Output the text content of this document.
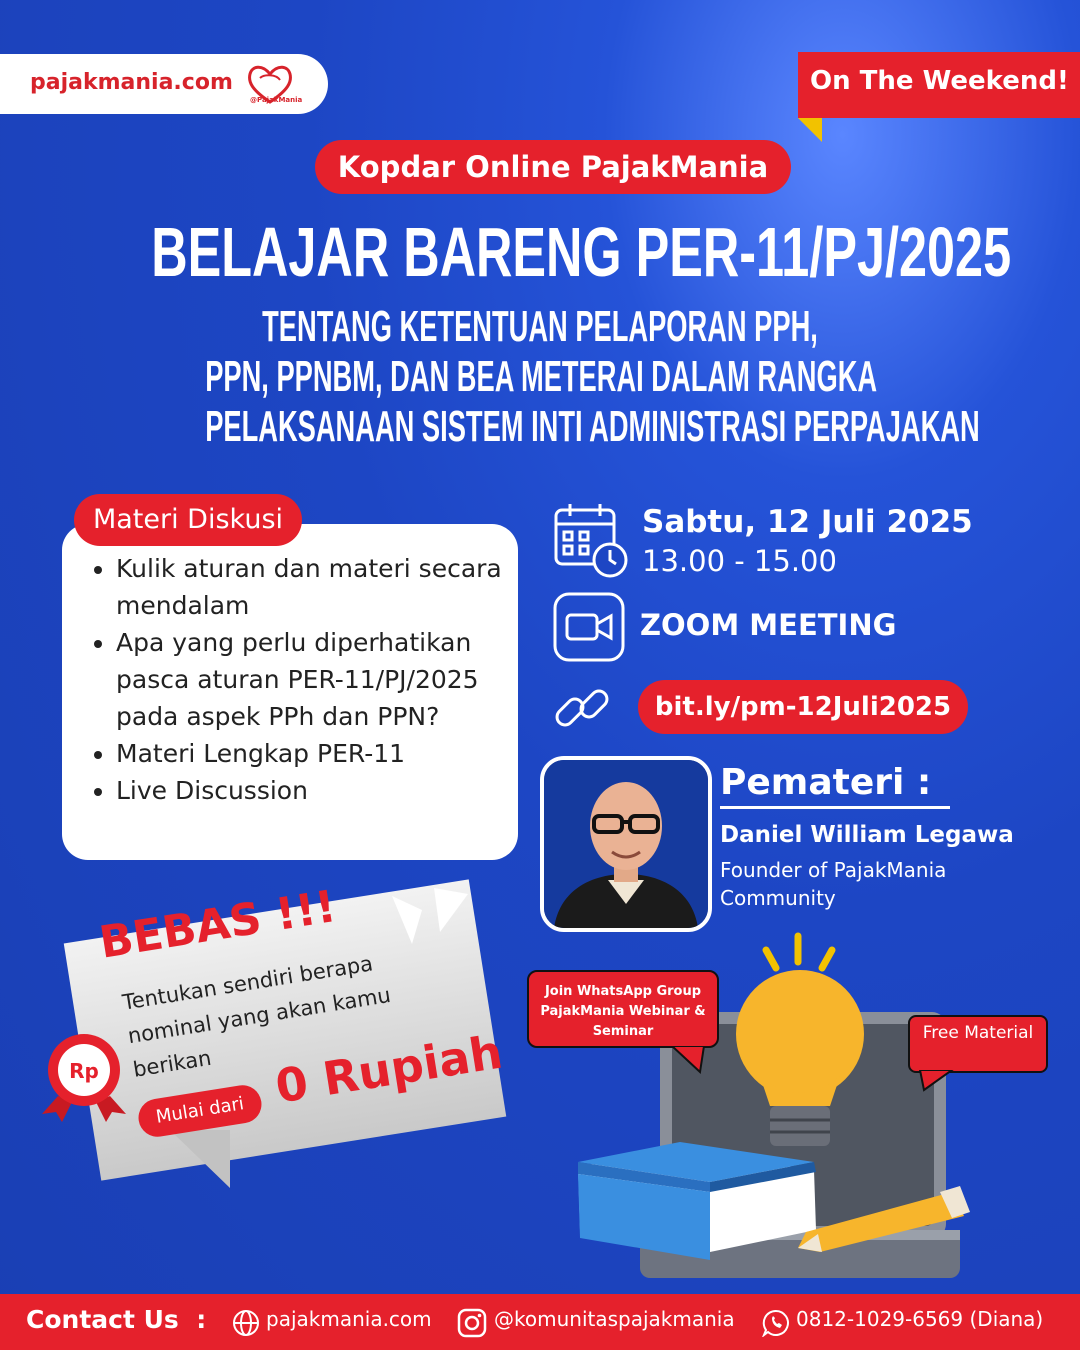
pajakmania.com
@PajakMania
On The Weekend!
Kopdar Online PajakMania
BELAJAR BARENG PER-11/PJ/2025
TENTANG KETENTUAN PELAPORAN PPH,
PPN, PPNBM, DAN BEA METERAI DALAM RANGKA
PELAKSANAAN SISTEM INTI ADMINISTRASI PERPAJAKAN
Materi Diskusi
• Kulik aturan dan materi secara mendalam
• Apa yang perlu diperhatikan pasca aturan PER-11/PJ/2025 pada aspek PPh dan PPN?
• Materi Lengkap PER-11
• Live Discussion
Sabtu, 12 Juli 2025
13.00 - 15.00
ZOOM MEETING
bit.ly/pm-12Juli2025
Pemateri :
Daniel William Legawa
Founder of PajakMania Community
BEBAS !!!
Tentukan sendiri berapa nominal yang akan kamu berikan
Mulai dari 0 Rupiah
Rp
Join WhatsApp Group PajakMania Webinar & Seminar	Free Material
Contact Us :	pajakmania.com	@komunitaspajakmania	0812-1029-6569 (Diana)
